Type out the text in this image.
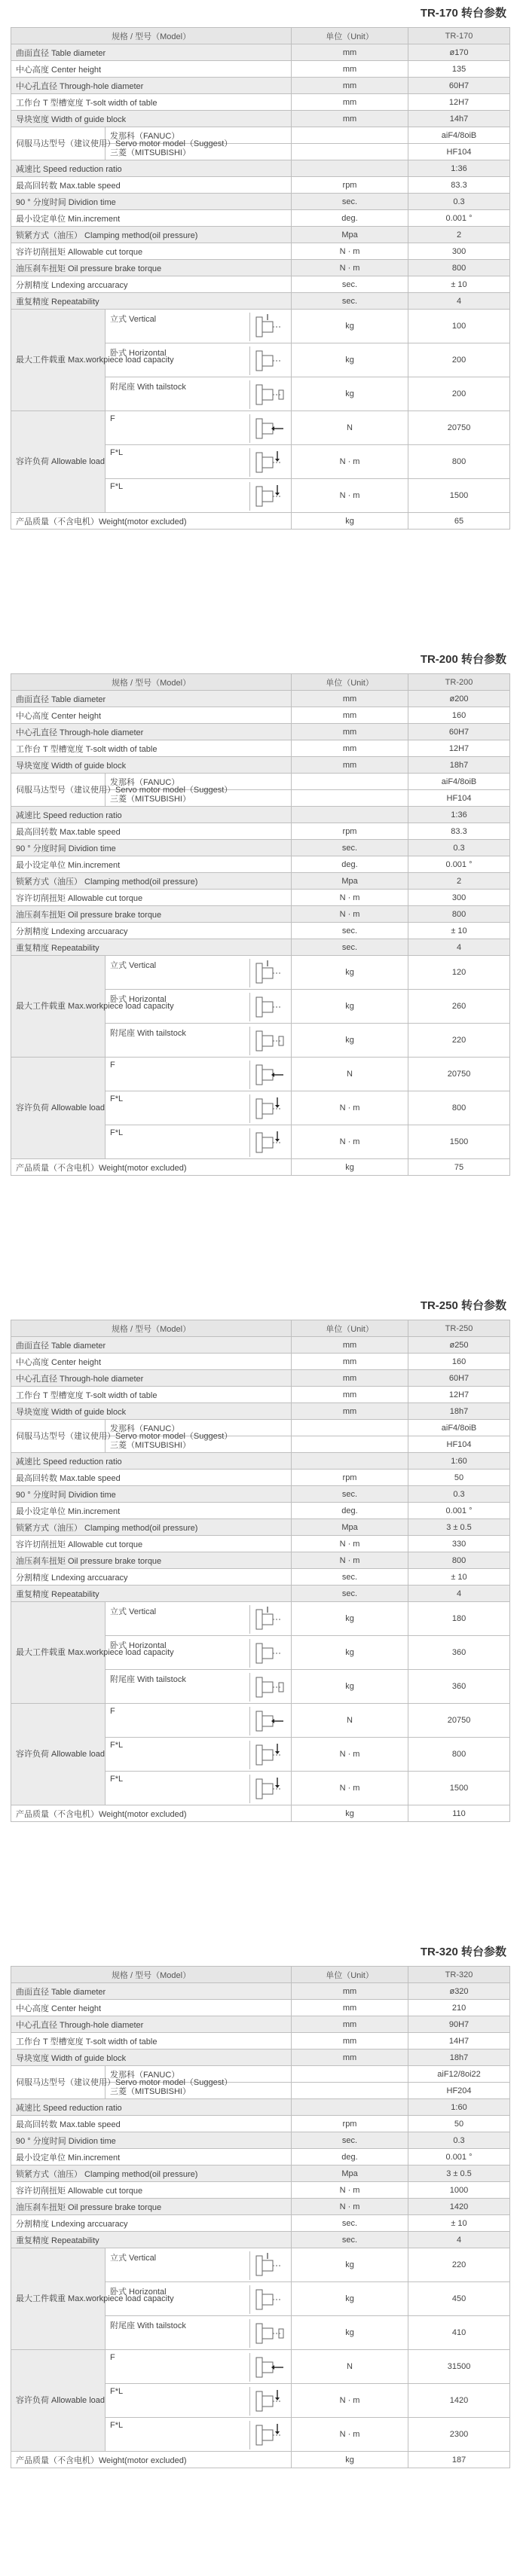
TR-170 转台参数
规格 / 型号（Model）		单位（Unit）	TR-170
曲面直径 Table diameter		mm	ø170
中心高度 Center height		mm	135
中心孔直径 Through-hole diameter		mm	60H7
工作台 T 型槽宽度 T-solt width of table		mm	12H7
导块宽度 Width of guide block		mm	14h7
伺服马达型号（建议使用）Servo motor model（Suggest）	发那科（FANUC）		aiF4/8oiB
	三菱（MITSUBISHI）		HF104
减速比 Speed reduction ratio			1:36
最高回转数 Max.table speed		rpm	83.3
90 ° 分度时间 Dividion time		sec.	0.3
最小设定单位 Min.increment		deg.	0.001 °
锁紧方式（油压） Clamping method(oil pressure)		Mpa	2
容许切削扭矩 Allowable cut torque		N · m	300
油压刹车扭矩 Oil pressure brake torque		N · m	800
分割精度 Lndexing arccuaracy		sec.	± 10
重复精度 Repeatability		sec.	4
最大工件载重 Max.workpiece load capacity	立式 Vertical	kg	100

	卧式 Horizontal	kg	200

	附尾座 With tailstock	kg	200
容许负荷 Allowable load	F	N	20750

	F*L	N · m	800

	F*L	N · m	1500
产品质量（不含电机）Weight(motor excluded)		kg	65
TR-200 转台参数
规格 / 型号（Model）		单位（Unit）	TR-200
曲面直径 Table diameter		mm	ø200
中心高度 Center height		mm	160
中心孔直径 Through-hole diameter		mm	60H7
工作台 T 型槽宽度 T-solt width of table		mm	12H7
导块宽度 Width of guide block		mm	18h7
伺服马达型号（建议使用）Servo motor model（Suggest）	发那科（FANUC）		aiF4/8oiB
	三菱（MITSUBISHI）		HF104
减速比 Speed reduction ratio			1:36
最高回转数 Max.table speed		rpm	83.3
90 ° 分度时间 Dividion time		sec.	0.3
最小设定单位 Min.increment		deg.	0.001 °
锁紧方式（油压） Clamping method(oil pressure)		Mpa	2
容许切削扭矩 Allowable cut torque		N · m	300
油压刹车扭矩 Oil pressure brake torque		N · m	800
分割精度 Lndexing arccuaracy		sec.	± 10
重复精度 Repeatability		sec.	4
最大工件载重 Max.workpiece load capacity	立式 Vertical	kg	120

	卧式 Horizontal	kg	260

	附尾座 With tailstock	kg	220
容许负荷 Allowable load	F	N	20750

	F*L	N · m	800

	F*L	N · m	1500
产品质量（不含电机）Weight(motor excluded)		kg	75
TR-250 转台参数
规格 / 型号（Model）		单位（Unit）	TR-250
曲面直径 Table diameter		mm	ø250
中心高度 Center height		mm	160
中心孔直径 Through-hole diameter		mm	60H7
工作台 T 型槽宽度 T-solt width of table		mm	12H7
导块宽度 Width of guide block		mm	18h7
伺服马达型号（建议使用）Servo motor model（Suggest）	发那科（FANUC）		aiF4/8oiB
	三菱（MITSUBISHI）		HF104
减速比 Speed reduction ratio			1:60
最高回转数 Max.table speed		rpm	50
90 ° 分度时间 Dividion time		sec.	0.3
最小设定单位 Min.increment		deg.	0.001 °
锁紧方式（油压） Clamping method(oil pressure)		Mpa	3 ± 0.5
容许切削扭矩 Allowable cut torque		N · m	330
油压刹车扭矩 Oil pressure brake torque		N · m	800
分割精度 Lndexing arccuaracy		sec.	± 10
重复精度 Repeatability		sec.	4
最大工件载重 Max.workpiece load capacity	立式 Vertical	kg	180

	卧式 Horizontal	kg	360

	附尾座 With tailstock	kg	360
容许负荷 Allowable load	F	N	20750

	F*L	N · m	800

	F*L	N · m	1500
产品质量（不含电机）Weight(motor excluded)		kg	110
TR-320 转台参数
规格 / 型号（Model）		单位（Unit）	TR-320
曲面直径 Table diameter		mm	ø320
中心高度 Center height		mm	210
中心孔直径 Through-hole diameter		mm	90H7
工作台 T 型槽宽度 T-solt width of table		mm	14H7
导块宽度 Width of guide block		mm	18h7
伺服马达型号（建议使用）Servo motor model（Suggest）	发那科（FANUC）		aiF12/8oi22
	三菱（MITSUBISHI）		HF204
减速比 Speed reduction ratio			1:60
最高回转数 Max.table speed		rpm	50
90 ° 分度时间 Dividion time		sec.	0.3
最小设定单位 Min.increment		deg.	0.001 °
锁紧方式（油压） Clamping method(oil pressure)		Mpa	3 ± 0.5
容许切削扭矩 Allowable cut torque		N · m	1000
油压刹车扭矩 Oil pressure brake torque		N · m	1420
分割精度 Lndexing arccuaracy		sec.	± 10
重复精度 Repeatability		sec.	4
最大工件载重 Max.workpiece load capacity	立式 Vertical	kg	220

	卧式 Horizontal	kg	450

	附尾座 With tailstock	kg	410
容许负荷 Allowable load	F	N	31500

	F*L	N · m	1420

	F*L	N · m	2300
产品质量（不含电机）Weight(motor excluded)		kg	187
